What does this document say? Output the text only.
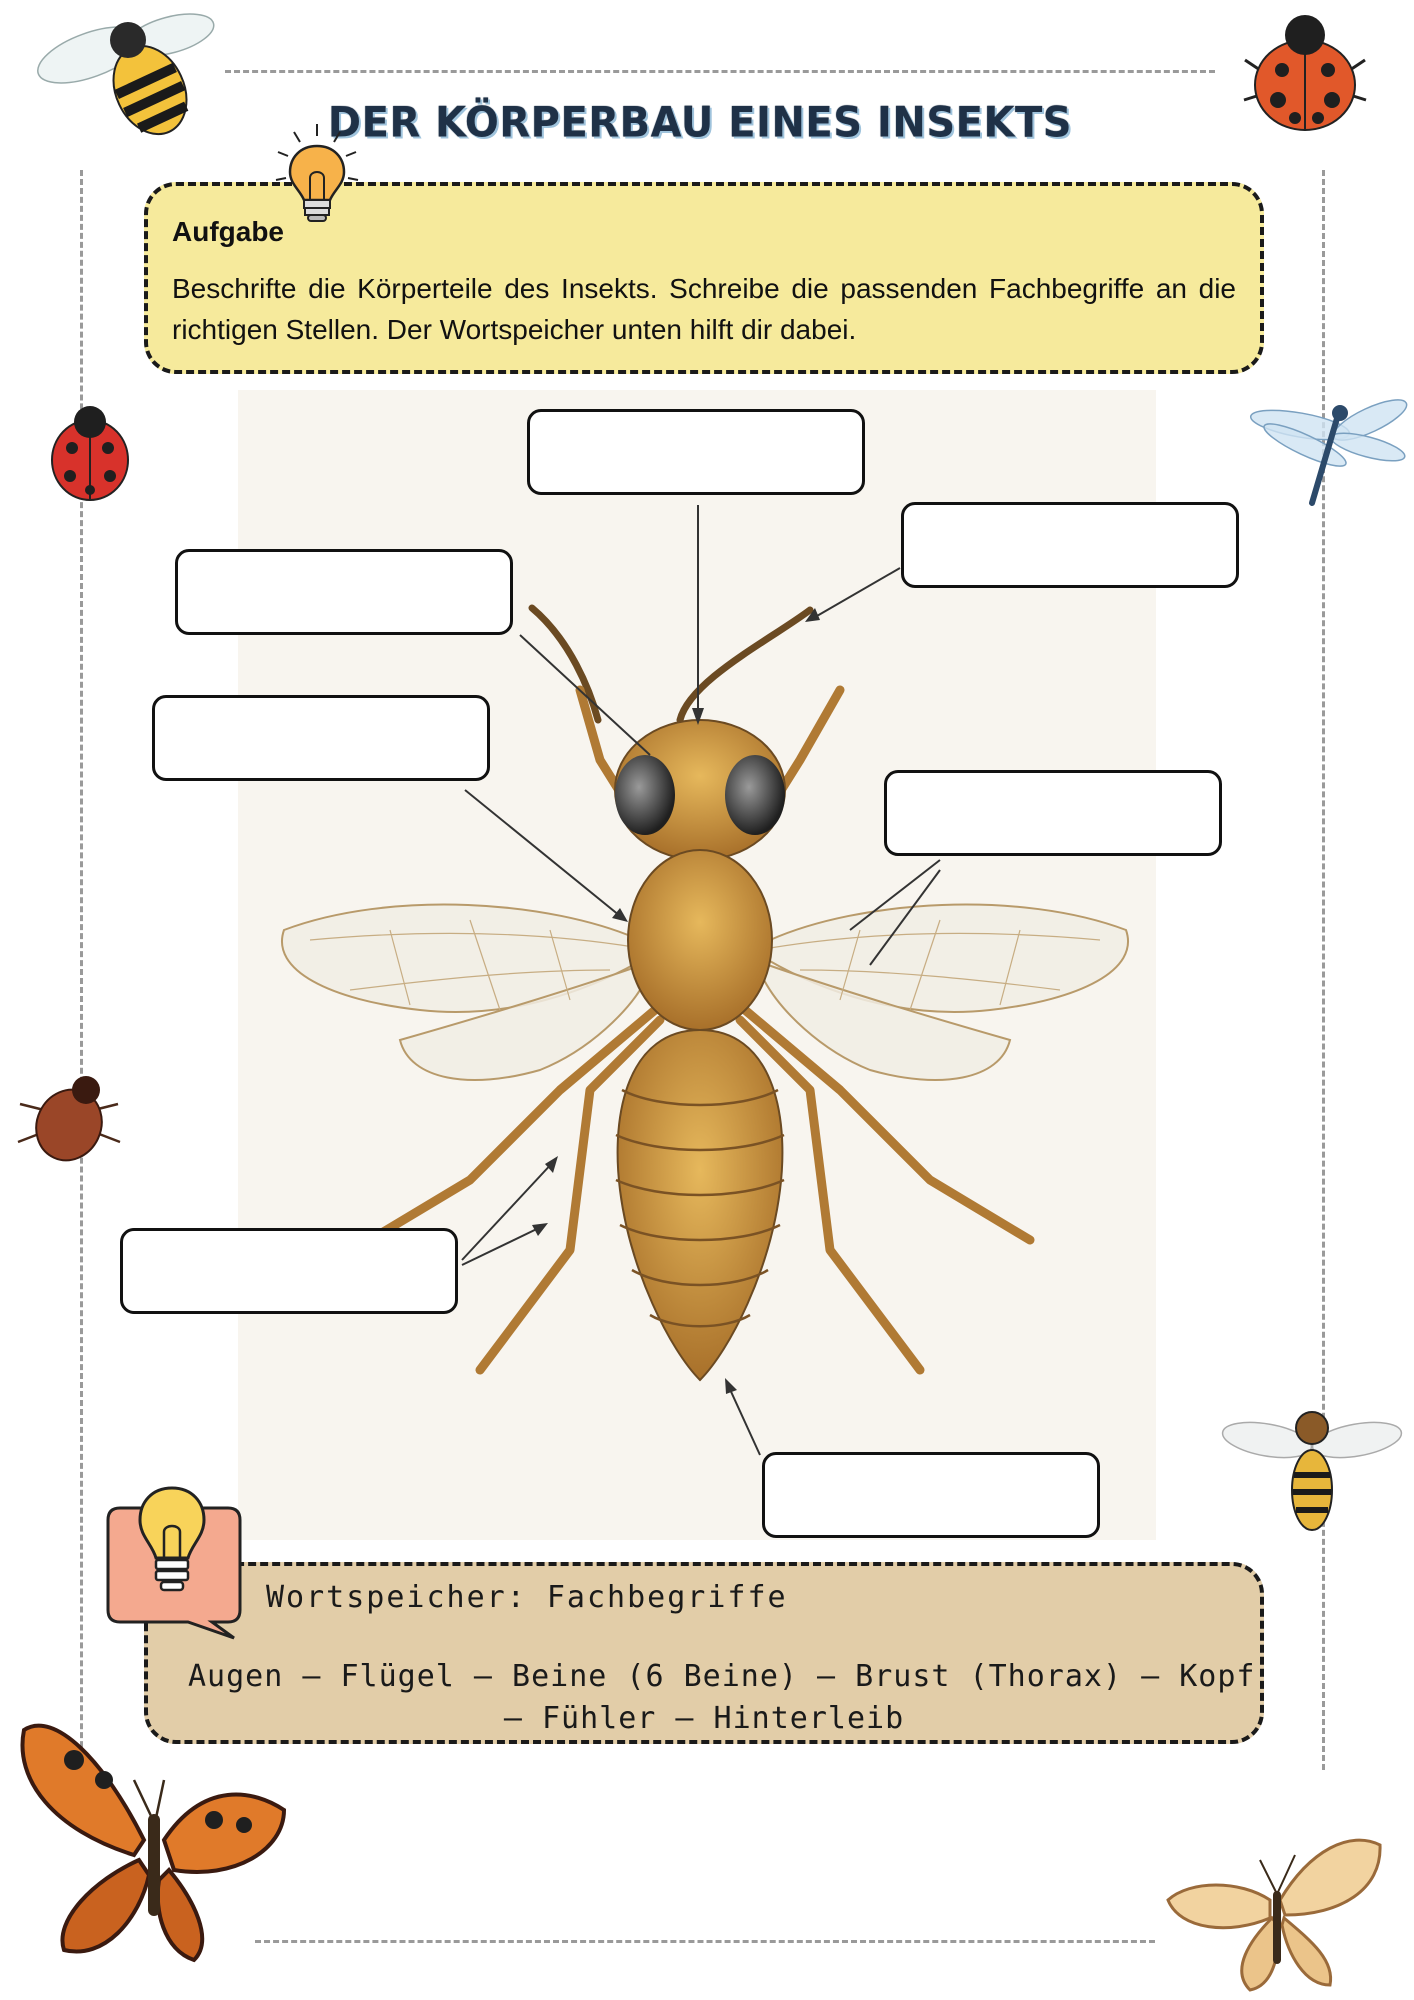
DER KÖRPERBAU EINES INSEKTS
Aufgabe
Beschrifte die Körperteile des Insekts. Schreibe die passenden Fachbegriffe an die richtigen Stellen. Der Wortspeicher unten hilft dir dabei.
Wortspeicher: Fachbegriffe
Augen – Flügel – Beine (6 Beine) – Brust (Thorax) – Kopf
– Fühler – Hinterleib
